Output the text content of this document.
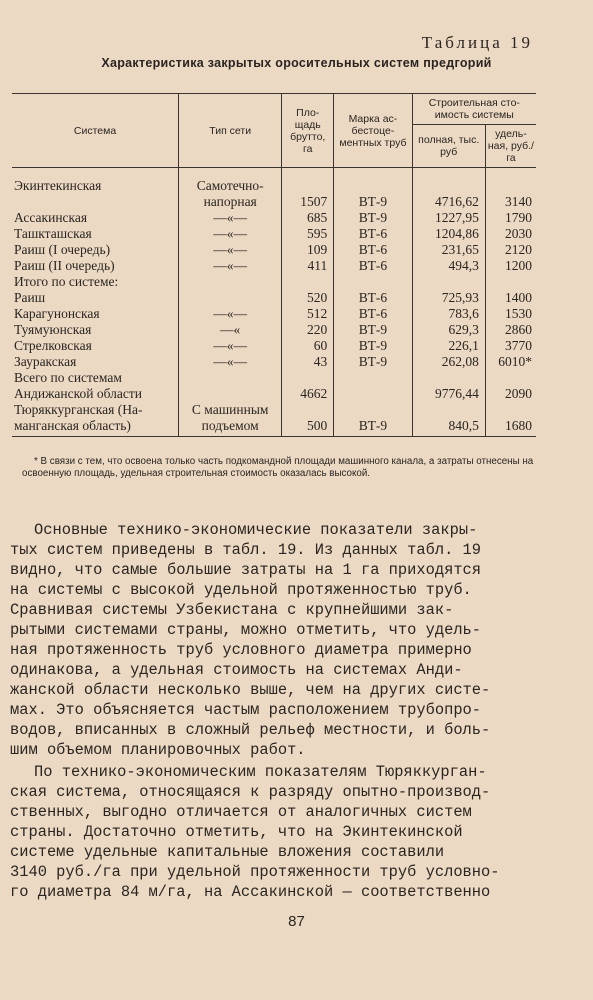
Таблица 19
Характеристика закрытых оросительных систем предгорий
Система	Тип сети	Пло-щадь брутто, га	Марка ас-бестоце-ментных труб	Строительная сто-имость системы	
				полная, тыс. руб	удель-ная, руб./га
Экинтекинская	Самотечно-				
	напорная	1507	ВТ-9	4716,62	3140
Ассакинская	—«—	685	ВТ-9	1227,95	1790
Ташкташская	—«—	595	ВТ-6	1204,86	2030
Раиш (I очередь)	—«—	109	ВТ-6	231,65	2120
Раиш (II очередь)	—«—	411	ВТ-6	494,3	1200
Итого по системе:					
Раиш		520	ВТ-6	725,93	1400
Карагунонская	—«—	512	ВТ-6	783,6	1530
Туямуюнская	—«	220	ВТ-9	629,3	2860
Стрелковская	—«—	60	ВТ-9	226,1	3770
Зауракская	—«—	43	ВТ-9	262,08	6010*
Всего по системам					
Андижанской области		4662		9776,44	2090
Тюряккурганская (На-	С машинным				
манганская область)	подъемом	500	ВТ-9	840,5	1680
* В связи с тем, что освоена только часть подкомандной площади машинного канала, а затраты отнесены на освоенную площадь, удельная строительная стоимость оказалась высокой.

Основные технико-экономические показатели закры-
тых систем приведены в табл. 19. Из данных табл. 19
видно, что самые большие затраты на 1 га приходятся
на системы с высокой удельной протяженностью труб.
Сравнивая системы Узбекистана с крупнейшими зак-
рытыми системами страны, можно отметить, что удель-
ная протяженность труб условного диаметра примерно
одинакова, а удельная стоимость на системах Анди-
жанской области несколько выше, чем на других систе-
мах. Это объясняется частым расположением трубопро-
водов, вписанных в сложный рельеф местности, и боль-
шим объемом планировочных работ.

По технико-экономическим показателям Тюряккурган-
ская система, относящаяся к разряду опытно-производ-
ственных, выгодно отличается от аналогичных систем
страны. Достаточно отметить, что на Экинтекинской
системе удельные капитальные вложения составили
3140 руб./га при удельной протяженности труб условно-
го диаметра 84 м/га, на Ассакинской — соответственно

87
